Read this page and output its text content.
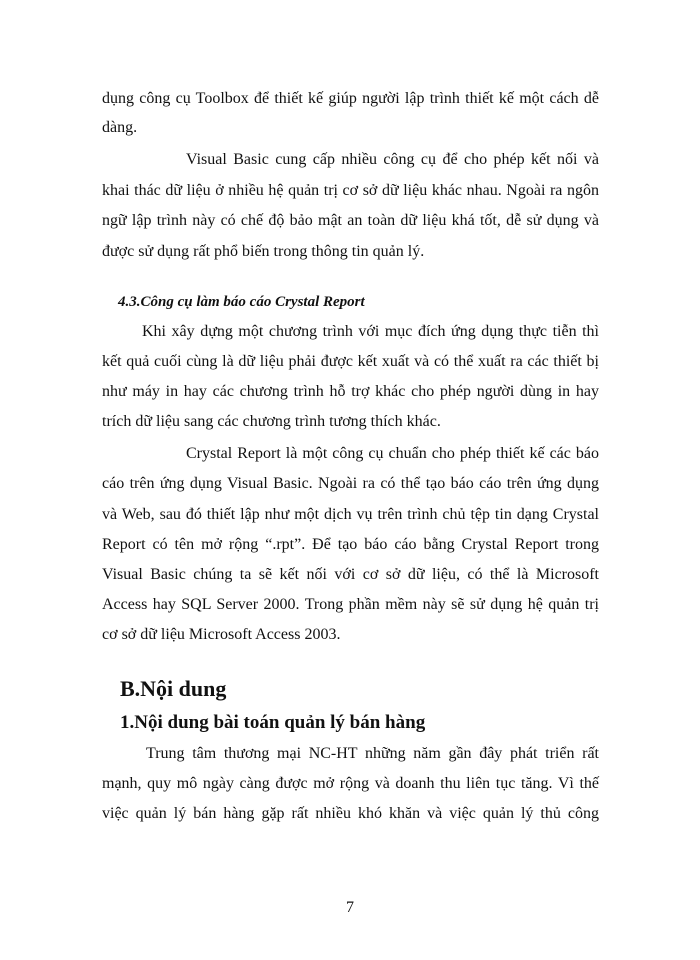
dụng công cụ Toolbox để thiết kế giúp người lập trình thiết kế một cách dễ
dàng.
Visual Basic cung cấp nhiều công cụ để cho phép kết nối và
khai thác dữ liệu ở nhiều hệ quản trị cơ sở dữ liệu khác nhau. Ngoài ra ngôn
ngữ lập trình này có chế độ bảo mật an toàn dữ liệu khá tốt, dễ sử dụng và
được sử dụng rất phổ biến trong thông tin quản lý.
4.3.Công cụ làm báo cáo Crystal Report
Khi xây dựng một chương trình với mục đích ứng dụng thực tiễn thì
kết quả cuối cùng là dữ liệu phải được kết xuất và có thể xuất ra các thiết bị
như máy in hay các chương trình hỗ trợ khác cho phép người dùng in hay
trích dữ liệu sang các chương trình tương thích khác.
Crystal Report là một công cụ chuẩn cho phép thiết kế các báo
cáo trên ứng dụng Visual Basic. Ngoài ra có thể tạo báo cáo trên ứng dụng
và Web, sau đó thiết lập như một dịch vụ trên trình chủ tệp tin dạng Crystal
Report có tên mở rộng “.rpt”. Để tạo báo cáo bằng Crystal Report trong
Visual Basic chúng ta sẽ kết nối với cơ sở dữ liệu, có thể là Microsoft
Access hay SQL Server 2000. Trong phần mềm này sẽ sử dụng hệ quản trị
cơ sở dữ liệu Microsoft Access 2003.
B.Nội dung
1.Nội dung bài toán quản lý bán hàng
Trung tâm thương mại NC-HT những năm gần đây phát triển rất
mạnh, quy mô ngày càng được mở rộng và doanh thu liên tục tăng. Vì thế
việc quản lý bán hàng gặp rất nhiều khó khăn và việc quản lý thủ công
7
